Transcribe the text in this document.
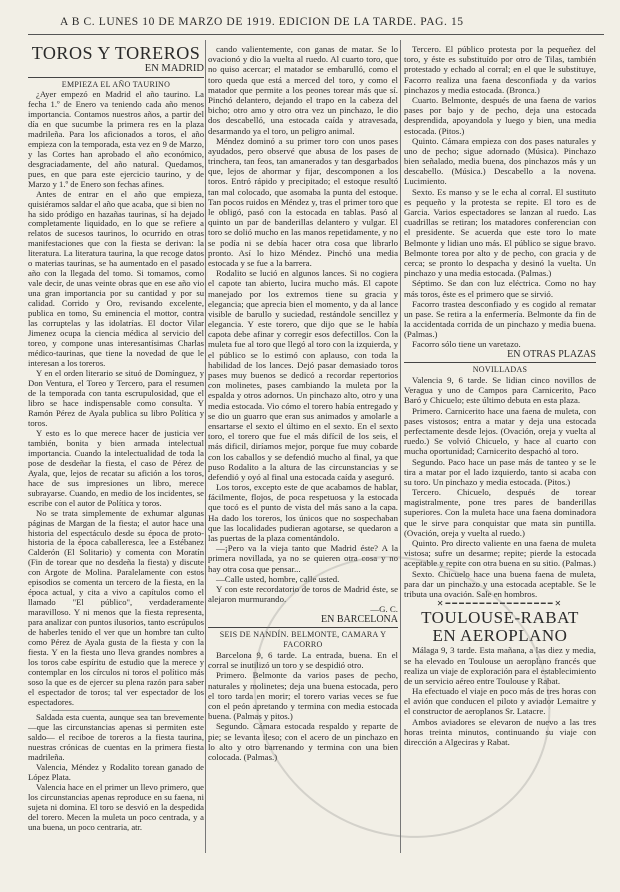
A B C. LUNES 10 DE MARZO DE 1919. EDICION DE LA TARDE. PAG. 15
TOROS Y TOREROS
EN MADRID

EMPIEZA EL AÑO TAURINO

¿Ayer empezó en Madrid el año taurino. La fecha 1.º de Enero va teniendo cada año menos importancia. Contamos nuestros años, a partir del día en que sucumbe la primera res en la plaza madrileña. Para los aficionados a toros, el año empieza con la temporada, esta vez en 9 de Marzo, y las Cortes han aprobado el año económico, desgraciadamente, del año natural. Quedamos, pues, en que para este ejercicio taurino, y de Marzo y 1.º de Enero son fechas afines.

Antes de entrar en el año que empieza, quisiéramos saldar el año que acaba, que si bien no ha sido pródigo en hazañas taurinas, sí ha dejado completamente liquidado, en lo que se refiere a relatos de sucesos taurinos, lo ocurrido en otras manifestaciones que con la fiesta se derivan: la literatura. La literatura taurina, la que recoge datos o materias taurinas, se ha aumentado en el pasado año con la llegada del tomo. Si tomamos, como vale decir, de unas veinte obras que en ese año vio una gran importancia por su cantidad y por su calidad. Corrido y Oro, revisando excelente, publica en tomo, Su eminencia el mottor, contra las corruptelas y las idolatrías. El doctor Vilar Jimenez ocupa la ciencia médica al servicio del toreo, y compone unas interesantísimas Charlas médico-taurinas, que tiene la novedad de que le interesan a los toreros.

Y en el orden literario se situó de Domínguez, y Don Ventura, el Toreo y Tercero, para el resumen de la temporada con tanta escrupulosidad, que el libro se hace indispensable como consulta. Y Ramón Pérez de Ayala publica su libro Política y toros.

Y esto es lo que merece hacer de justicia ver también, bonita y bien armada intelectual importancia. Cuando la intelectualidad de toda la pose de desdeñar la fiesta, el caso de Pérez de Ayala, que, lejos de recatar su afición a los toros, hace de sus impresiones un libro, merece subrayarse. Cuando, en medio de los incidentes, se escribe con el autor de Política y toros.

No se trata simplemente de exhumar algunas páginas de Margan de la fiesta; el autor hace una historia del espectáculo desde su época de proto-historia de la época caballeresca, lee a Estébanez Calderón (El Solitario) y comenta con Moratín (Fin de torear que no desdeña la fiesta) y discute con Argote de Molina. Paralelamente con estos episodios se comenta un tercero de la fiesta, en la época actual, y cita a vivo a capítulos como el llamado "El público", verdaderamente maravilloso. Y ni menos que la fiesta representa, para analizar con puntos ilusorios, tanto escrúpulos de haberles tenido el ver que un hombre tan culto como Pérez de Ayala gusta de la fiesta y con la fiesta. Y en la fiesta uno lleva grandes nombres a los toros cabe espíritu de estudio que la merece y contemplar en los círculos ni toros el político más soso la que es de ejercer su plena razón para saber el espectador de toros; tal ver espectador de los espectadores.

Saldada esta cuenta, aunque sea tan brevemente —que las circunstancias apenas si permiten este saldo— el reciboe de toreros a la fiesta taurina, nuestras crónicas de cuentas en la primera fiesta madrileña.

Valencia, Méndez y Rodalito torean ganado de López Plata.

Valencia hace en el primer un llevo primero, que los circunstancias apenas reproduce en su faena, ni sujeta ni domina. El toro se desvió en la despedida del torero. Mecen la muleta un poco centrada, y a una buena, un poco centraria, atr.

cando valientemente, con ganas de matar. Se lo ovacionó y dio la vuelta al ruedo. Al cuarto toro, que no quiso acercar; el matador se embarulló, como el toro queda que está a merced del toro, y como el matador que permite a los peones torear más que sí. Pinchó delantero, dejando el trapo en la cabeza del bicho; otro amo y otro otra vez un pinchazo, le dio dos descabelló, una estocada caída y atravesada, desarmando ya el toro, un peligro animal.

Méndez dominó a su primer toro con unos pases ayudados, pero observé que abusa de los pases de trinchera, tan feos, tan amanerados y tan desgarbados que, lejos de ahormar y fijar, descomponen a los toros. Entró rápido y precipitado; el estoque resultó tan mal colocado, que asomaba la punta del estoque. Tan pocos ruidos en Méndez y, tras el primer toro que le obligó, pasó con la estocada en tablas. Pasó al quinto un par de banderillas delantero y vulgar. El toro se dolió mucho en las manos repetidamente, y no se podía ni se debía hacer otra cosa que librarlo pronto. Así lo hizo Méndez. Pinchó una media estocada y se fue a la barrera.

Rodalito se lució en algunos lances. Si no cogiera el capote tan abierto, lucira mucho más. El capote manejado por los extremos tiene su gracia y elegancia; que aprecia bien el momento, y da al lance visible de barullo y suciedad, restándole sencillez y elegancia. Y este torero, que dijo que se le había capota debe afinar y corregir esos defectillos. Con la muleta fue al toro que llegó al toro con la izquierda, y el público se lo estimó con aplauso, con toda la habilidad de los lances. Dejó pasar demasiado toros pases muy buenos se dedicó a recordar repertorios con molinetes, pases cambiando la muleta por la espalda y otros adornos. Un pinchazo alto, otro y una media estocada. Vio cómo el torero había entregado y se dio un guarro que eran sus animados y amolarle a ensartarse el sexto el último en el sexto. En el sexto toro, el torero que fue el más difícil de los seis, el más dificil, diríamos mejor, porque fue muy cobarde con los caballos y se defendió mucho al final, ya que puso Rodalito a la altura de las circunstancias y se defendió y oyó al final una estocada caída y aseguró.

Los toros, excepto este de que acabamos de hablar, fácilmente, flojos, de poca respetuosa y la estocada que tocó es el punto de vista del más sano a la capa. Ha dado los toreros, los únicos que no sospechaban que las localidades pudieran agotarse, se quedaron a las puertas de la plaza comentándolo.

—¡Pero va la vieja tanto que Madrid éste? A la primera novillada, ya no se quieren otra cosa y no hay otra cosa que pensar...

—Calle usted, hombre, calle usted.

Y con este recordatorio de toros de Madrid éste, se alejaron murmurando.

—G. C.

EN BARCELONA

SEIS DE NANDÍN. BELMONTE, CAMARA Y FACORRO

Barcelona 9, 6 tarde. La entrada, buena. En el corral se inutilizó un toro y se despidió otro.

Primero. Belmonte da varios pases de pecho, naturales y molinetes; deja una buena estocada, pero el toro tarda en morir; el torero varias veces se fue con el peón apretando y termina con media estocada buena. (Palmas y pitos.)

Segundo. Cámara estocada respaldo y reparte de pie; se levanta ileso; con el acero de un pinchazo en lo alto y otro barrenando y termina con una bien colocada. (Palmas.)

Tercero. El público protesta por la pequeñez del toro, y éste es substituído por otro de Tilas, también protestado y echado al corral; en el que le substituye, Facorro realiza una faena desconfiada y da varios pinchazos y media estocada. (Bronca.)

Cuarto. Belmonte, después de una faena de varios pases por bajo y de pecho, deja una estocada desprendida, apoyandola y luego y bien, una media estocada. (Pitos.)

Quinto. Cámara empieza con dos pases naturales y uno de pecho; sigue adornado (Música). Pinchazo bien señalado, media buena, dos pinchazos más y un descabello. (Música.) Descabello a la novena. Lucimiento.

Sexto. Es manso y se le echa al corral. El sustituto es pequeño y la protesta se repite. El toro es de Garcia. Varios espectadores se lanzan al ruedo. Las cuadrillas se retiran; los matadores conferencian con el presidente. Se acuerda que este toro lo mate Belmonte y lidian uno más. El público se sigue bravo. Belmonte torea por alto y de pecho, con gracia y de cerca; se pronto lo despacha y desinó la vuelta. Un pinchazo y una media estocada. (Palmas.)

Séptimo. Se dan con luz eléctrica. Como no hay más toros, éste es el primero que se sirvió.

Facorro trastea desconfiado y es cogido al rematar un pase. Se retira a la enfermería. Belmonte da fin de la accidentada corrida de un pinchazo y media buena. (Palmas.)

Facorro sólo tiene un varetazo.

EN OTRAS PLAZAS

NOVILLADAS

Valencia 9, 6 tarde. Se lidian cinco novillos de Veragua y uno de Campos para Carnicerito, Paco Baró y Chicuelo; este último debuta en esta plaza.

Primero. Carnicerito hace una faena de muleta, con pases vistosos; entra a matar y deja una estocada perfectamente desde lejos. (Ovación, oreja y vuelta al ruedo.) Se volvió Chicuelo, y hace al cuarto con mucha oportunidad; Carnicerito despachó al toro.

Segundo. Paco hace un pase más de tanteo y se le tira a matar por el lado izquierdo, tanto si acaba con su toro. Un pinchazo y media estocada. (Pitos.)

Tercero. Chicuelo, después de torear magistralmente, pone tres pares de banderillas superiores. Con la muleta hace una faena dominadora que le sirve para conquistar que mata sin puntilla. (Ovación, oreja y vuelta al ruedo.)

Quinto. Pro directo valiente en una faena de muleta vistosa; sufre un desarme; repite; pierde la estocada aceptable y repite con otra buena en su sitio. (Palmas.)

Sexto. Chicuelo hace una buena faena de muleta, para dar un pinchazo y una estocada aceptable. Se le tributa una ovación. Sale en hombros.

✕━━━━━━━━━━━━━━━━✕

TOULOUSE-RABAT

EN AEROPLANO

Málaga 9, 3 tarde. Esta mañana, a las diez y media, se ha elevado en Toulouse un aeroplano francés que realiza un viaje de exploración para el establecimiento de un servicio aéreo entre Toulouse y Rabat.

Ha efectuado el viaje en poco más de tres horas con el avión que conducen el piloto y aviador Lemaitre y el constructor de aeroplanos Sr. Latacre.

Ambos aviadores se elevaron de nuevo a las tres horas treinta minutos, continuando su viaje con dirección a Algeciras y Rabat.
